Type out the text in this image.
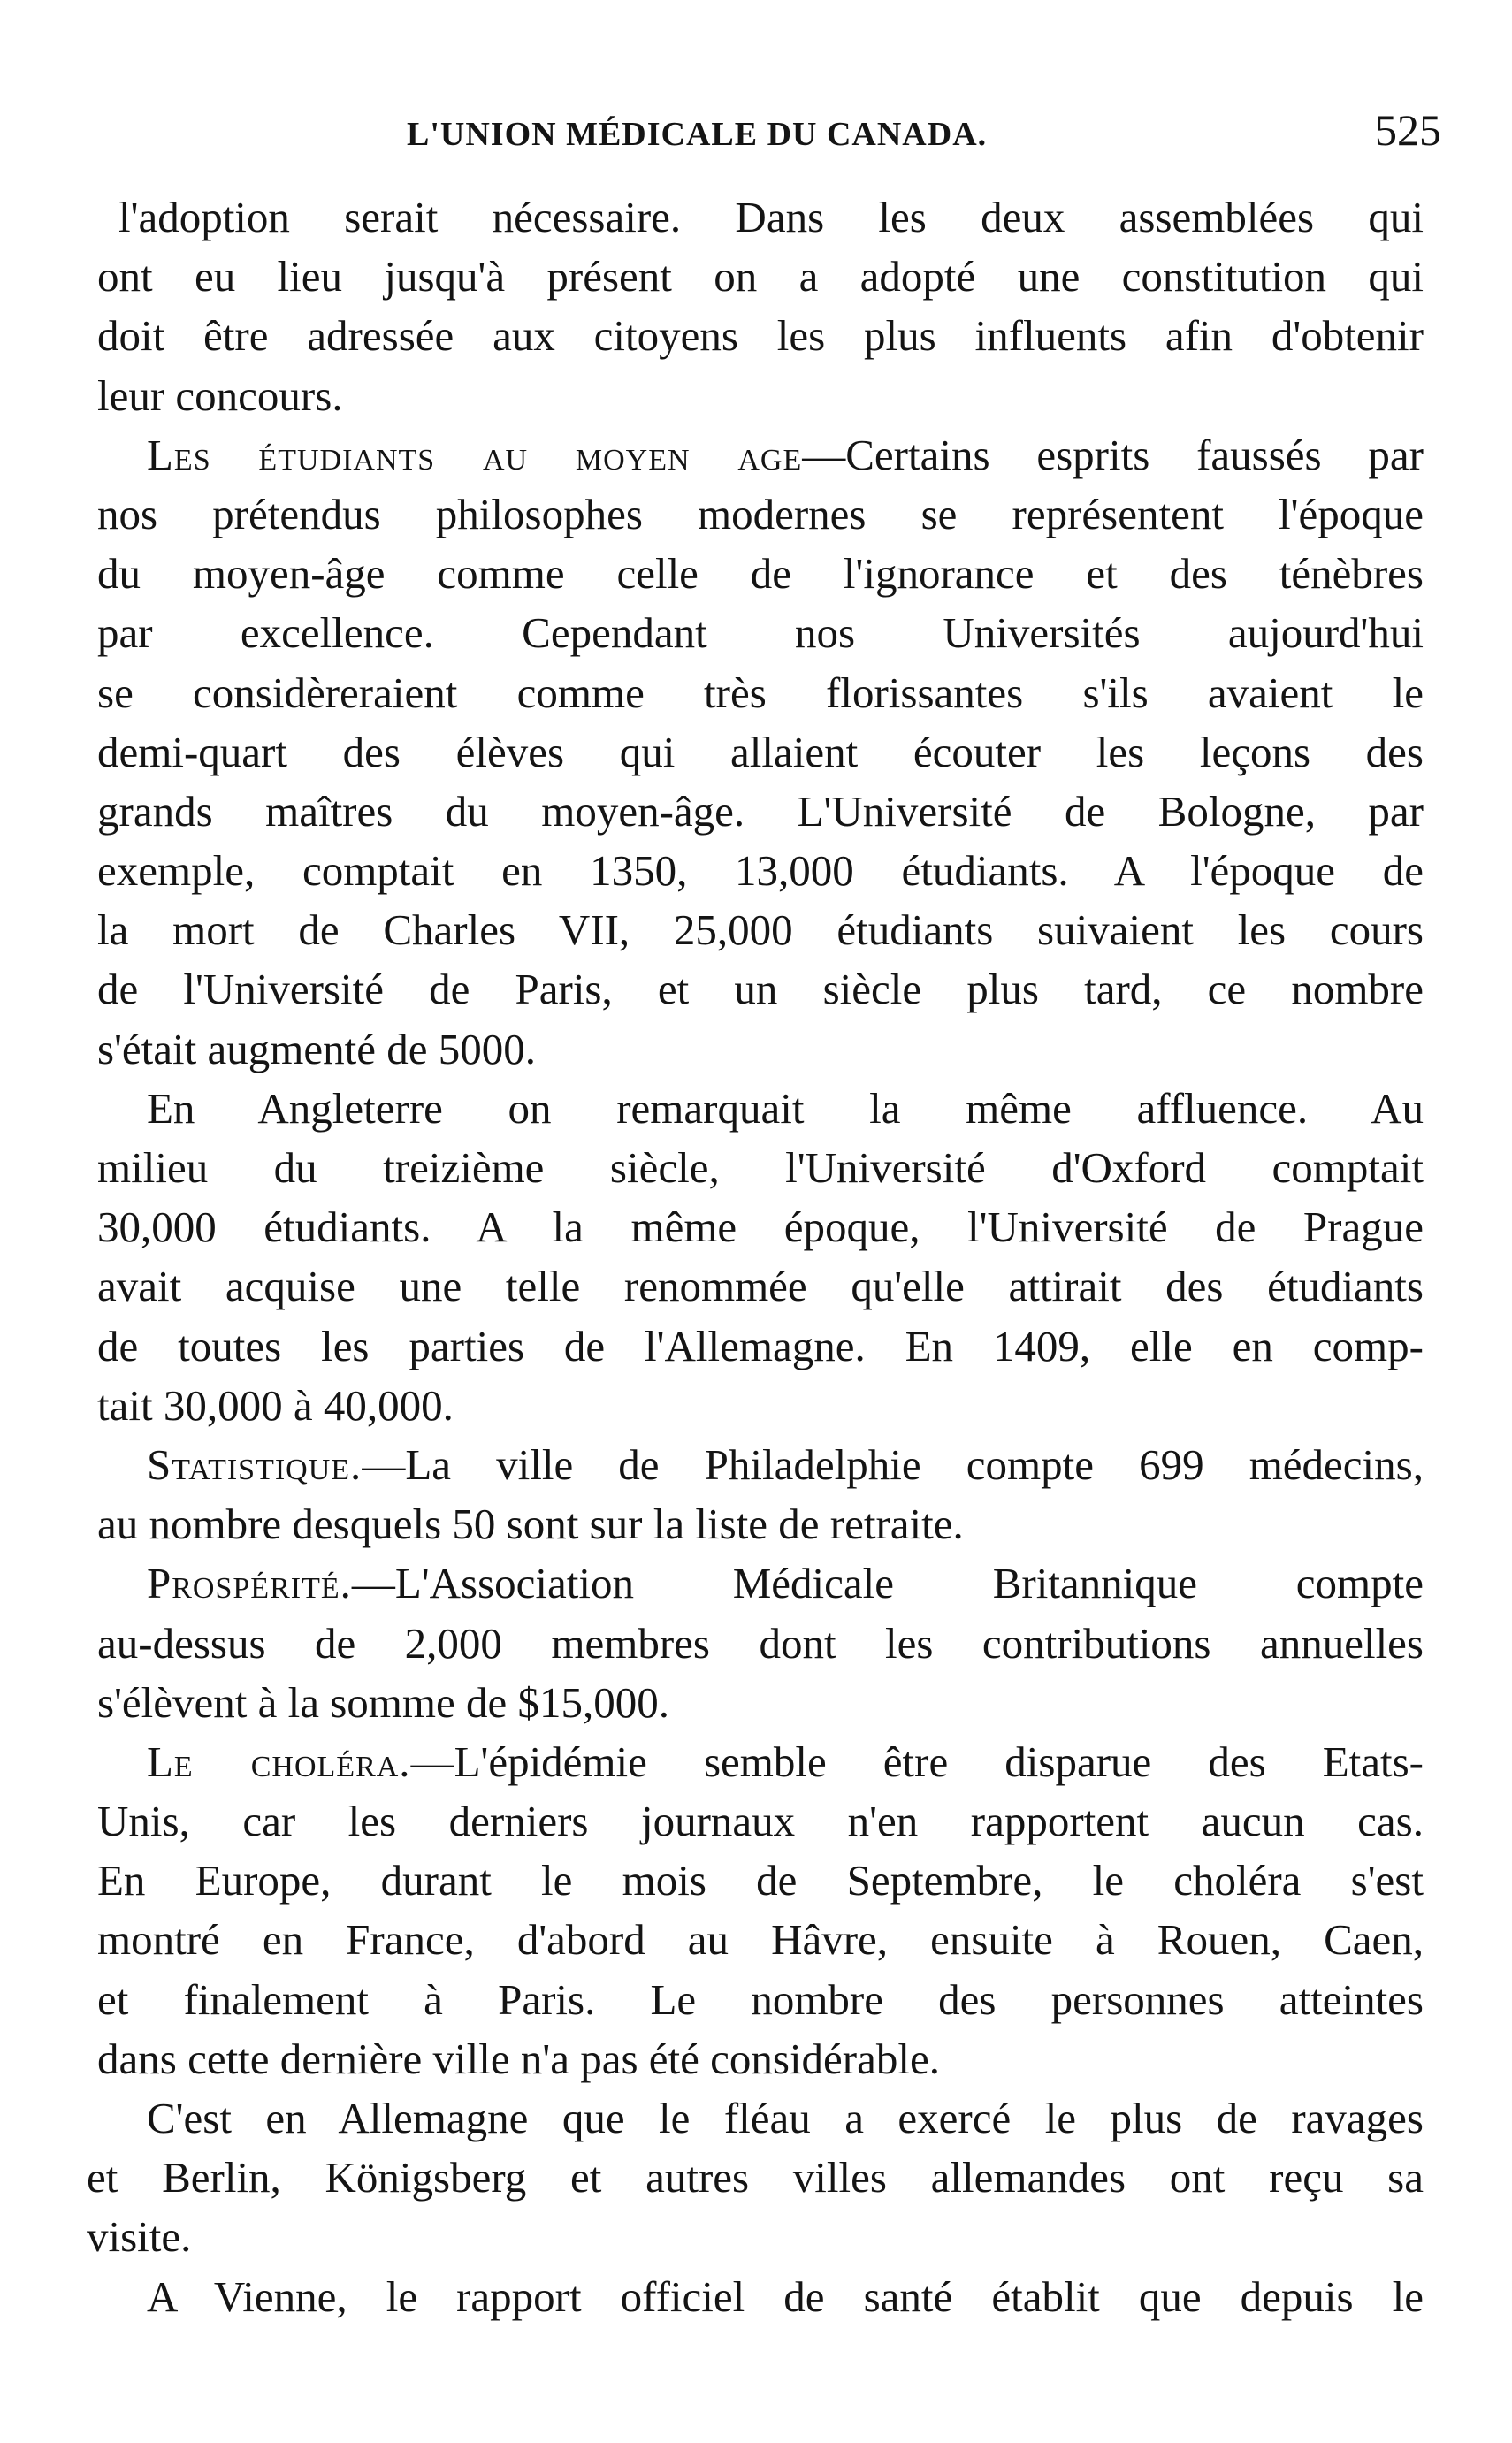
L'UNION MÉDICALE DU CANADA.	525
l'adoption serait nécessaire. Dans les deux assemblées qui
ont eu lieu jusqu'à présent on a adopté une constitution qui
doit être adressée aux citoyens les plus influents afin d'obtenir
leur concours.
Les étudiants au moyen age—Certains esprits faussés par
nos prétendus philosophes modernes se représentent l'époque
du moyen-âge comme celle de l'ignorance et des ténèbres
par excellence. Cependant nos Universités aujourd'hui
se considèreraient comme très florissantes s'ils avaient le
demi-quart des élèves qui allaient écouter les leçons des
grands maîtres du moyen-âge. L'Université de Bologne, par
exemple, comptait en 1350, 13,000 étudiants. A l'époque de
la mort de Charles VII, 25,000 étudiants suivaient les cours
de l'Université de Paris, et un siècle plus tard, ce nombre
s'était augmenté de 5000.
En Angleterre on remarquait la même affluence. Au
milieu du treizième siècle, l'Université d'Oxford comptait
30,000 étudiants. A la même époque, l'Université de Prague
avait acquise une telle renommée qu'elle attirait des étudiants
de toutes les parties de l'Allemagne. En 1409, elle en comp-
tait 30,000 à 40,000.
Statistique.—La ville de Philadelphie compte 699 médecins,
au nombre desquels 50 sont sur la liste de retraite.
Prospérité.—L'Association Médicale Britannique compte
au-dessus de 2,000 membres dont les contributions annuelles
s'élèvent à la somme de $15,000.
Le choléra.—L'épidémie semble être disparue des Etats-
Unis, car les derniers journaux n'en rapportent aucun cas.
En Europe, durant le mois de Septembre, le choléra s'est
montré en France, d'abord au Hâvre, ensuite à Rouen, Caen,
et finalement à Paris. Le nombre des personnes atteintes
dans cette dernière ville n'a pas été considérable.
C'est en Allemagne que le fléau a exercé le plus de ravages
et Berlin, Königsberg et autres villes allemandes ont reçu sa
visite.
A Vienne, le rapport officiel de santé établit que depuis le
